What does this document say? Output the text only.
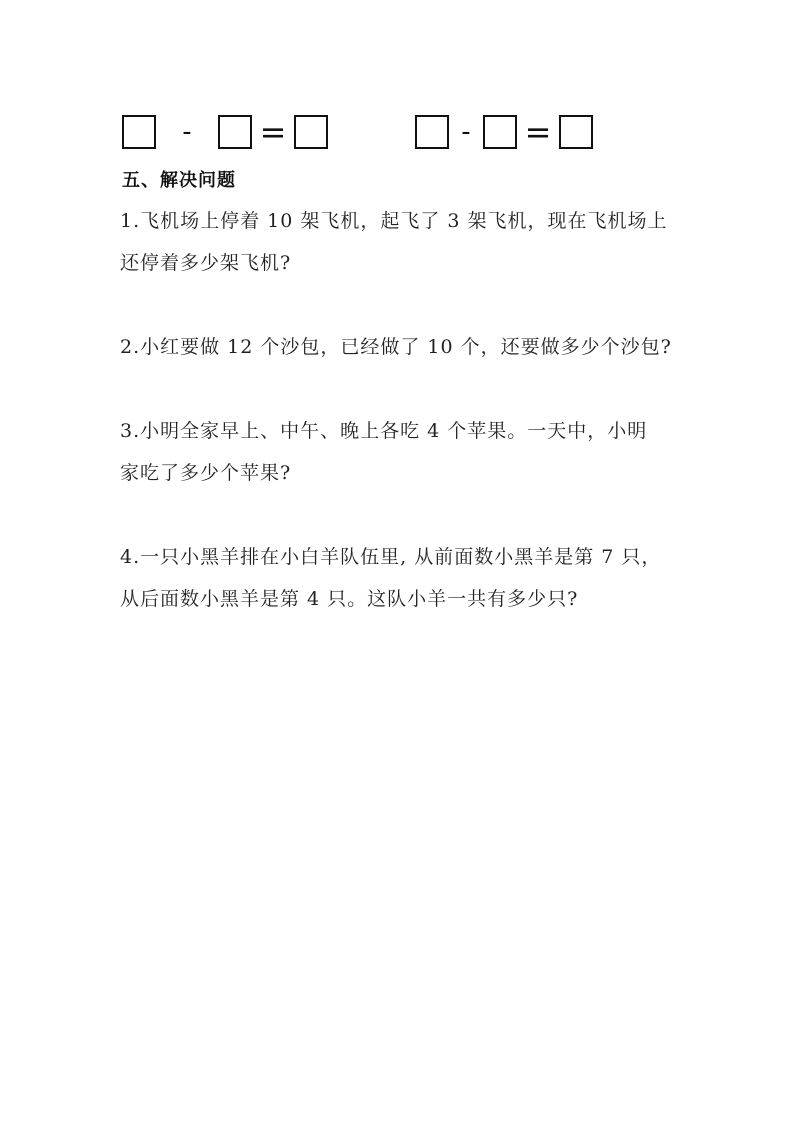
-	=	-	=
五、解决问题
1.飞机场上停着 10 架飞机，起飞了 3 架飞机，现在飞机场上
还停着多少架飞机?
2.小红要做 12 个沙包，已经做了 10 个，还要做多少个沙包?
3.小明全家早上、中午、晚上各吃 4 个苹果。一天中，小明
家吃了多少个苹果?
4.一只小黑羊排在小白羊队伍里, 从前面数小黑羊是第 7 只，
从后面数小黑羊是第 4 只。这队小羊一共有多少只?
